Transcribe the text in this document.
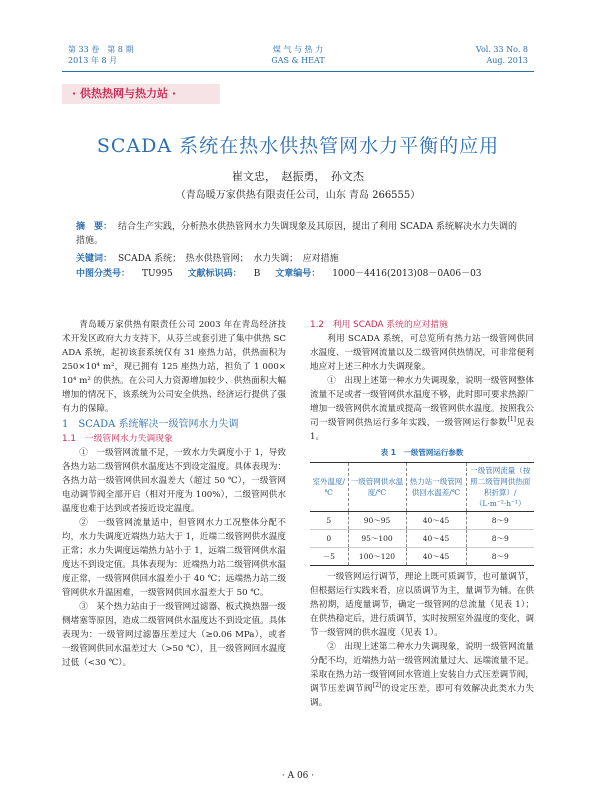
第 33 卷　第 8 期
2013 年 8 月
煤 气 与 热 力
GAS & HEAT
Vol. 33 No. 8
Aug. 2013
· 供热热网与热力站 ·
SCADA 系统在热水供热管网水力平衡的应用
崔文忠，　赵振勇，　孙文杰
（青岛暖万家供热有限责任公司，山东 青岛 266555）
摘　要： 结合生产实践，分析热水供热管网水力失调现象及其原因，提出了利用 SCADA 系统解决水力失调的措施。
关键词： SCADA 系统；　热水供热管网；　水力失调；　应对措施
中图分类号： TU995 文献标识码： B 文章编号： 1000－4416(2013)08－0A06－03

青岛暖万家供热有限责任公司 2003 年在青岛经济技术开发区政府大力支持下，从芬兰或套引进了集中供热 SCADA 系统，起初该套系统仅有 31 座热力站，供热面积为 250×10⁴ m²，现已拥有 125 座热力站，担负了 1 000×10⁴ m² 的供热。在公司人力资源增加较少、供热面积大幅增加的情况下，该系统为公司安全供热、经济运行提供了强有力的保障。

1　SCADA 系统解决一级管网水力失调
1.1　一级管网水力失调现象

①　一级管网流量不足，一致水力失调度小于 1，导致各热力站二级管网供水温度达不到设定温度。具体表现为：各热力站一级管网供回水温差大（超过 50 ℃），一级管网电动调节阀全部开启（相对开度为 100%），二级管网供水温度也难于达到或者接近设定温度。

②　一级管网流量适中，但管网水力工况整体分配不均，水力失调度近端热力站大于 1，近端二级管网供水温度正常；水力失调度远端热力站小于 1，远端二级管网供水温度达不到设定值。具体表现为：近端热力站二级管网供水温度正常，一级管网供回水温差小于 40 ℃；远端热力站二级管网供水升温困难，一级管网供回水温差大于 50 ℃。

③　某个热力站由于一级管网过滤器、板式换热器一级侧堵塞等原因，造成二级管网供水温度达不到设定值。具体表现为：一级管网过滤器压差过大（≥0.06 MPa），或者一级管网供回水温差过大（>50 ℃），且一级管网回水温度过低（<30 ℃）。

1.2　利用 SCADA 系统的应对措施

利用 SCADA 系统，可总览所有热力站一级管网供回水温度、一级管网流量以及二级管网供热情况，可非常便利地应对上述三种水力失调现象。

①　出现上述第一种水力失调现象，说明一级管网整体流量不足或者一级管网供水温度不够，此时即可要求热源厂增加一级管网供水流量或提高一级管网供水温度。按照我公司一级管网供热运行多年实践，一级管网运行参数[1]见表 1。

表 1　一级管网运行参数
室外温度/℃	一级管网供水温度/℃	热力站一级管网供回水温差/℃	一级管网流量（按照二级管网供热面积折算）/（L·m⁻²·h⁻¹）
5	90～95	40～45	8～9
0	95～100	40～45	8～9
－5	100～120	40～45	8～9

一级管网运行调节，理论上既可质调节，也可量调节，但根据运行实践来看，应以质调节为主，量调节为辅。在供热初期，适度量调节，确定一级管网的总流量（见表 1）；在供热稳定后，进行质调节，实时按照室外温度的变化，调节一级管网的供水温度（见表 1）。

②　出现上述第二种水力失调现象，说明一级管网流量分配不均，近端热力站一级管网流量过大、远端流量不足。采取在热力站一级管网回水管道上安装自力式压差调节阀，调节压差调节阀[2]的设定压差，即可有效解决此类水力失调。

· A 06 ·
